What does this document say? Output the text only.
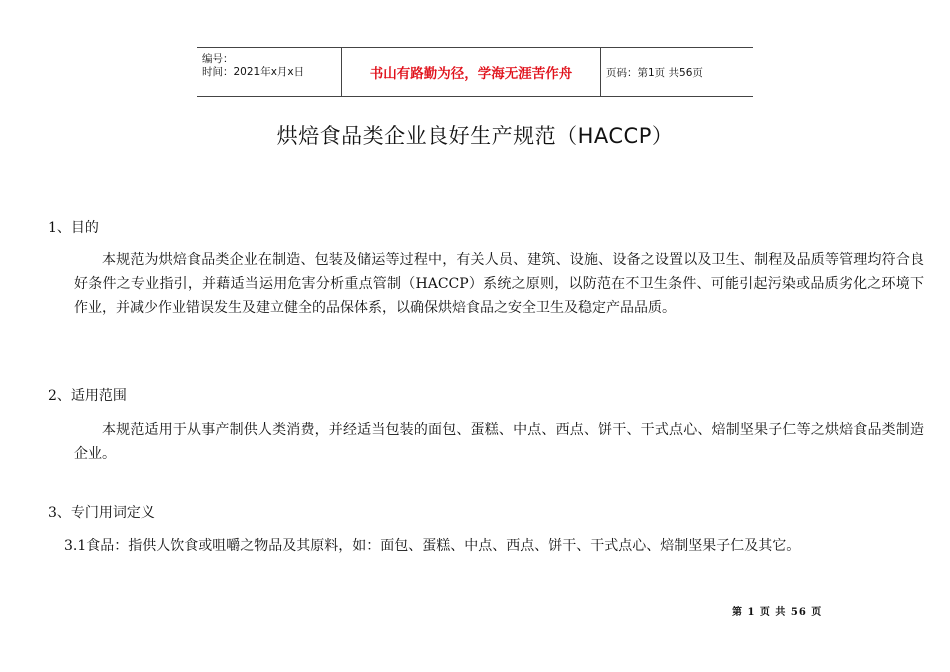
编号：
时间：2021年x月x日	书山有路勤为径，学海无涯苦作舟	页码：第1页 共56页
烘焙食品类企业良好生产规范（HACCP）
1、目的
本规范为烘焙食品类企业在制造、包装及储运等过程中，有关人员、建筑、设施、设备之设置以及卫生、制程及品质等管理均符合良好条件之专业指引，并藉适当运用危害分析重点管制（HACCP）系统之原则，以防范在不卫生条件、可能引起污染或品质劣化之环境下作业，并减少作业错误发生及建立健全的品保体系，以确保烘焙食品之安全卫生及稳定产品品质。
2、适用范围
本规范适用于从事产制供人类消费，并经适当包装的面包、蛋糕、中点、西点、饼干、干式点心、焙制坚果子仁等之烘焙食品类制造企业。
3、专门用词定义
3.1食品：指供人饮食或咀嚼之物品及其原料，如：面包、蛋糕、中点、西点、饼干、干式点心、焙制坚果子仁及其它。
第 1 页 共 56 页
